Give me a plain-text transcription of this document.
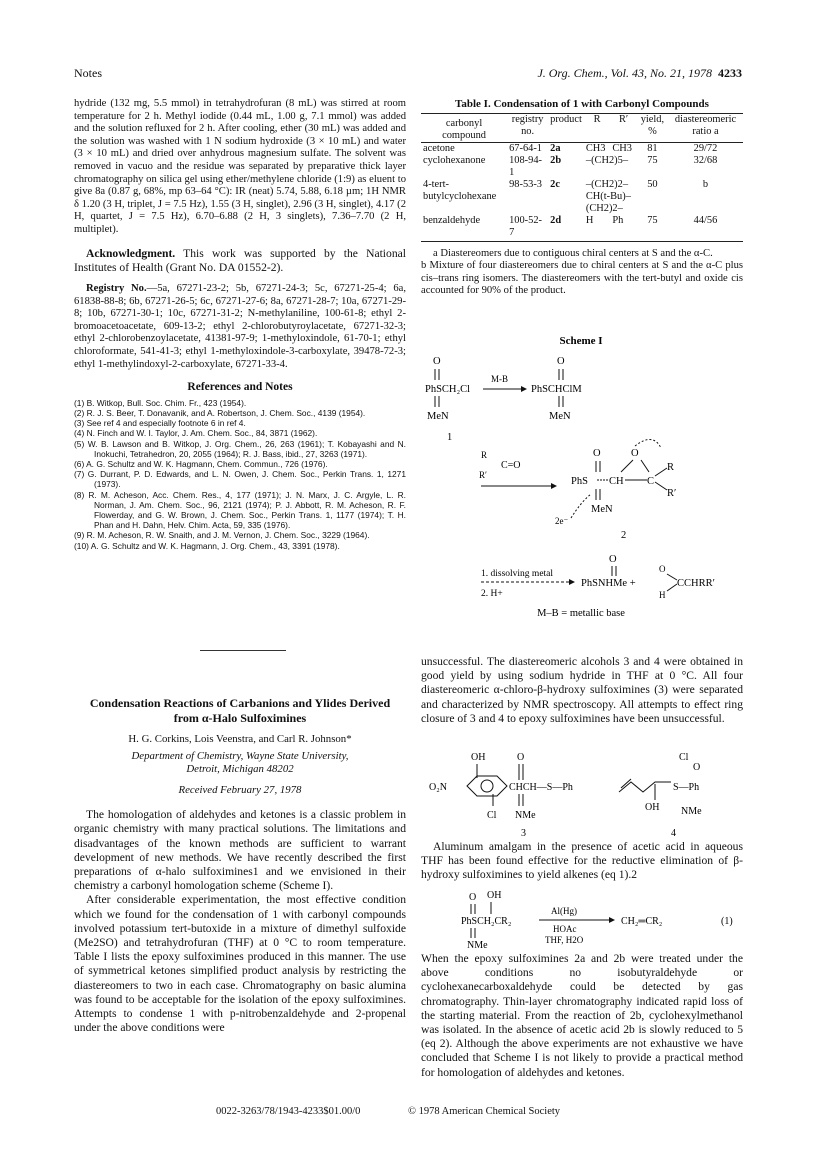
Notes	J. Org. Chem., Vol. 43, No. 21, 1978 4233

hydride (132 mg, 5.5 mmol) in tetrahydrofuran (8 mL) was stirred at room temperature for 2 h. Methyl iodide (0.44 mL, 1.00 g, 7.1 mmol) was added and the solution refluxed for 2 h. After cooling, ether (30 mL) was added and the solution was washed with 1 N sodium hydroxide (3 × 10 mL) and water (3 × 10 mL) and dried over anhydrous magnesium sulfate. The solvent was removed in vacuo and the residue was separated by preparative thick layer chromatography on silica gel using ether/methylene chloride (1:9) as eluent to give 8a (0.87 g, 68%, mp 63–64 °C): IR (neat) 5.74, 5.88, 6.18 µm; 1H NMR δ 1.20 (3 H, triplet, J = 7.5 Hz), 1.55 (3 H, singlet), 2.96 (3 H, singlet), 4.17 (2 H, quartet, J = 7.5 Hz), 6.70–6.88 (2 H, 3 singlets), 7.36–7.70 (2 H, multiplet).

Acknowledgment. This work was supported by the National Institutes of Health (Grant No. DA 01552-2).

Registry No.—5a, 67271-23-2; 5b, 67271-24-3; 5c, 67271-25-4; 6a, 61838-88-8; 6b, 67271-26-5; 6c, 67271-27-6; 8a, 67271-28-7; 10a, 67271-29-8; 10b, 67271-30-1; 10c, 67271-31-2; N-methylaniline, 100-61-8; ethyl 2-bromoacetoacetate, 609-13-2; ethyl 2-chlorobutyroylacetate, 67271-32-3; ethyl 2-chlorobenzoylacetate, 41381-97-9; 1-methyloxindole, 61-70-1; ethyl chloroformate, 541-41-3; ethyl 1-methyloxindole-3-carboxylate, 39478-72-3; ethyl 1-methylindoxyl-2-carboxylate, 67271-33-4.

References and Notes
(1) B. Witkop, Bull. Soc. Chim. Fr., 423 (1954).
(2) R. J. S. Beer, T. Donavanik, and A. Robertson, J. Chem. Soc., 4139 (1954).
(3) See ref 4 and especially footnote 6 in ref 4.
(4) N. Finch and W. I. Taylor, J. Am. Chem. Soc., 84, 3871 (1962).
(5) W. B. Lawson and B. Witkop, J. Org. Chem., 26, 263 (1961); T. Kobayashi and N. Inokuchi, Tetrahedron, 20, 2055 (1964); R. J. Bass, ibid., 27, 3263 (1971).
(6) A. G. Schultz and W. K. Hagmann, Chem. Commun., 726 (1976).
(7) G. Durrant, P. D. Edwards, and L. N. Owen, J. Chem. Soc., Perkin Trans. 1, 1271 (1973).
(8) R. M. Acheson, Acc. Chem. Res., 4, 177 (1971); J. N. Marx, J. C. Argyle, L. R. Norman, J. Am. Chem. Soc., 96, 2121 (1974); P. J. Abbott, R. M. Acheson, R. F. Flowerday, and G. W. Brown, J. Chem. Soc., Perkin Trans. 1, 1177 (1974); T. H. Phan and H. Dahn, Helv. Chim. Acta, 59, 335 (1976).
(9) R. M. Acheson, R. W. Snaith, and J. M. Vernon, J. Chem. Soc., 3229 (1964).
(10) A. G. Schultz and W. K. Hagmann, J. Org. Chem., 43, 3391 (1978).
Condensation Reactions of Carbanions and Ylides Derived from α-Halo Sulfoximines

H. G. Corkins, Lois Veenstra, and Carl R. Johnson*

Department of Chemistry, Wayne State University,

Detroit, Michigan 48202

Received February 27, 1978

The homologation of aldehydes and ketones is a classic problem in organic chemistry with many practical solutions. The limitations and disadvantages of the known methods are sufficient to warrant development of new methods. We have recently described the first preparations of α-halo sulfoximines1 and we envisioned in their chemistry a carbonyl homologation scheme (Scheme I).

After considerable experimentation, the most effective condition which we found for the condensation of 1 with carbonyl compounds involved potassium tert-butoxide in a mixture of dimethyl sulfoxide (Me2SO) and tetrahydrofuran (THF) at 0 °C to room temperature. Table I lists the epoxy sulfoximines produced in this manner. The use of symmetrical ketones simplified product analysis by restricting the diastereomers to two in each case. Chromatography on basic alumina was found to be acceptable for the isolation of the epoxy sulfoximines. Attempts to condense 1 with p-nitrobenzaldehyde and 2-propenal under the above conditions were

Table I. Condensation of 1 with Carbonyl Compounds
carbonyl compound	registry no.	product	R	R′	yield, %	diastereomeric ratio a
acetone	67-64-1	2a	CH3	CH3	81	29/72
cyclohexanone	108-94-1	2b	–(CH2)5–		75	32/68
4-tert-butylcyclohexane	98-53-3	2c	–(CH2)2–CH(t-Bu)–(CH2)2–		50	b
benzaldehyde	100-52-7	2d	H	Ph	75	44/56

a Diastereomers due to contiguous chiral centers at S and the α-C.

b Mixture of four diastereomers due to chiral centers at S and the α-C plus cis–trans ring isomers. The diastereomers with the tert-butyl and oxide cis accounted for 90% of the product.

Scheme I
O
PhSCH₂Cl
MeN
1
M-B
O
PhSCHClM
MeN
R
R′
C=O
O
PhS CH C
O
R
R′
MeN
2e⁻
2
1. dissolving metal
2. H+
O
PhSNHMe +
O
CCHRR′
H
M–B = metallic base

unsuccessful. The diastereomeric alcohols 3 and 4 were obtained in good yield by using sodium hydride in THF at 0 °C. All four diastereomeric α-chloro-β-hydroxy sulfoximines (3) were separated and characterized by NMR spectroscopy. All attempts to effect ring closure of 3 and 4 to epoxy sulfoximines have been unsuccessful.

OH	O
O₂N	CHCH—S—Ph
Cl NMe
3
Cl
O
S—Ph
OH NMe
4

Aluminum amalgam in the presence of acetic acid in aqueous THF has been found effective for the reductive elimination of β-hydroxy sulfoximines to yield alkenes (eq 1).2

O OH
PhSCH₂CR₂
NMe
Al(Hg)
HOAc
THF, H2O
CH₂═CR₂	(1)

When the epoxy sulfoximines 2a and 2b were treated under the above conditions no isobutyraldehyde or cyclohexanecarboxaldehyde could be detected by gas chromatography. Thin-layer chromatography indicated rapid loss of the starting material. From the reaction of 2b, cyclohexylmethanol was isolated. In the absence of acetic acid 2b is slowly reduced to 5 (eq 2). Although the above experiments are not exhaustive we have concluded that Scheme I is not likely to provide a practical method for homologation of aldehydes and ketones.

0022-3263/78/1943-4233$01.00/0	© 1978 American Chemical Society
